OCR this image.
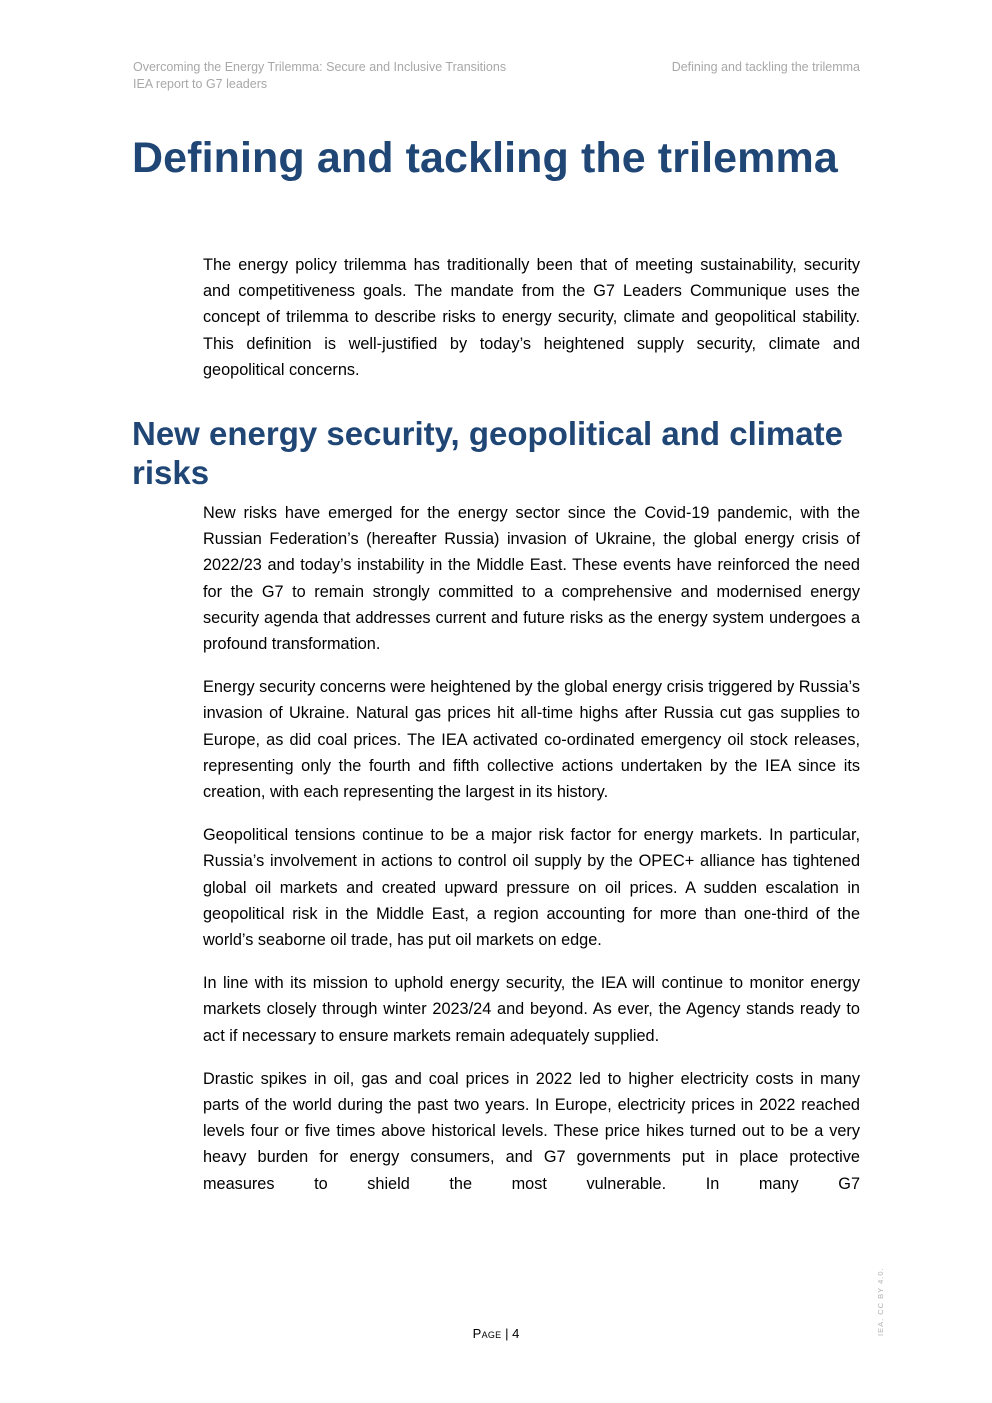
Overcoming the Energy Trilemma: Secure and Inclusive Transitions
IEA report to G7 leaders
Defining and tackling the trilemma
Defining and tackling the trilemma

The energy policy trilemma has traditionally been that of meeting sustainability, security and competitiveness goals. The mandate from the G7 Leaders Communique uses the concept of trilemma to describe risks to energy security, climate and geopolitical stability. This definition is well-justified by today’s heightened supply security, climate and geopolitical concerns.

New energy security, geopolitical and climate risks

New risks have emerged for the energy sector since the Covid-19 pandemic, with the Russian Federation’s (hereafter Russia) invasion of Ukraine, the global energy crisis of 2022/23 and today’s instability in the Middle East. These events have reinforced the need for the G7 to remain strongly committed to a comprehensive and modernised energy security agenda that addresses current and future risks as the energy system undergoes a profound transformation.

Energy security concerns were heightened by the global energy crisis triggered by Russia’s invasion of Ukraine. Natural gas prices hit all-time highs after Russia cut gas supplies to Europe, as did coal prices. The IEA activated co-ordinated emergency oil stock releases, representing only the fourth and fifth collective actions undertaken by the IEA since its creation, with each representing the largest in its history.

Geopolitical tensions continue to be a major risk factor for energy markets. In particular, Russia’s involvement in actions to control oil supply by the OPEC+ alliance has tightened global oil markets and created upward pressure on oil prices. A sudden escalation in geopolitical risk in the Middle East, a region accounting for more than one-third of the world’s seaborne oil trade, has put oil markets on edge.

In line with its mission to uphold energy security, the IEA will continue to monitor energy markets closely through winter 2023/24 and beyond. As ever, the Agency stands ready to act if necessary to ensure markets remain adequately supplied.

Drastic spikes in oil, gas and coal prices in 2022 led to higher electricity costs in many parts of the world during the past two years. In Europe, electricity prices in 2022 reached levels four or five times above historical levels. These price hikes turned out to be a very heavy burden for energy consumers, and G7 governments put in place protective measures to shield the most vulnerable. In many G7

Page | 4	IEA. CC BY 4.0.
